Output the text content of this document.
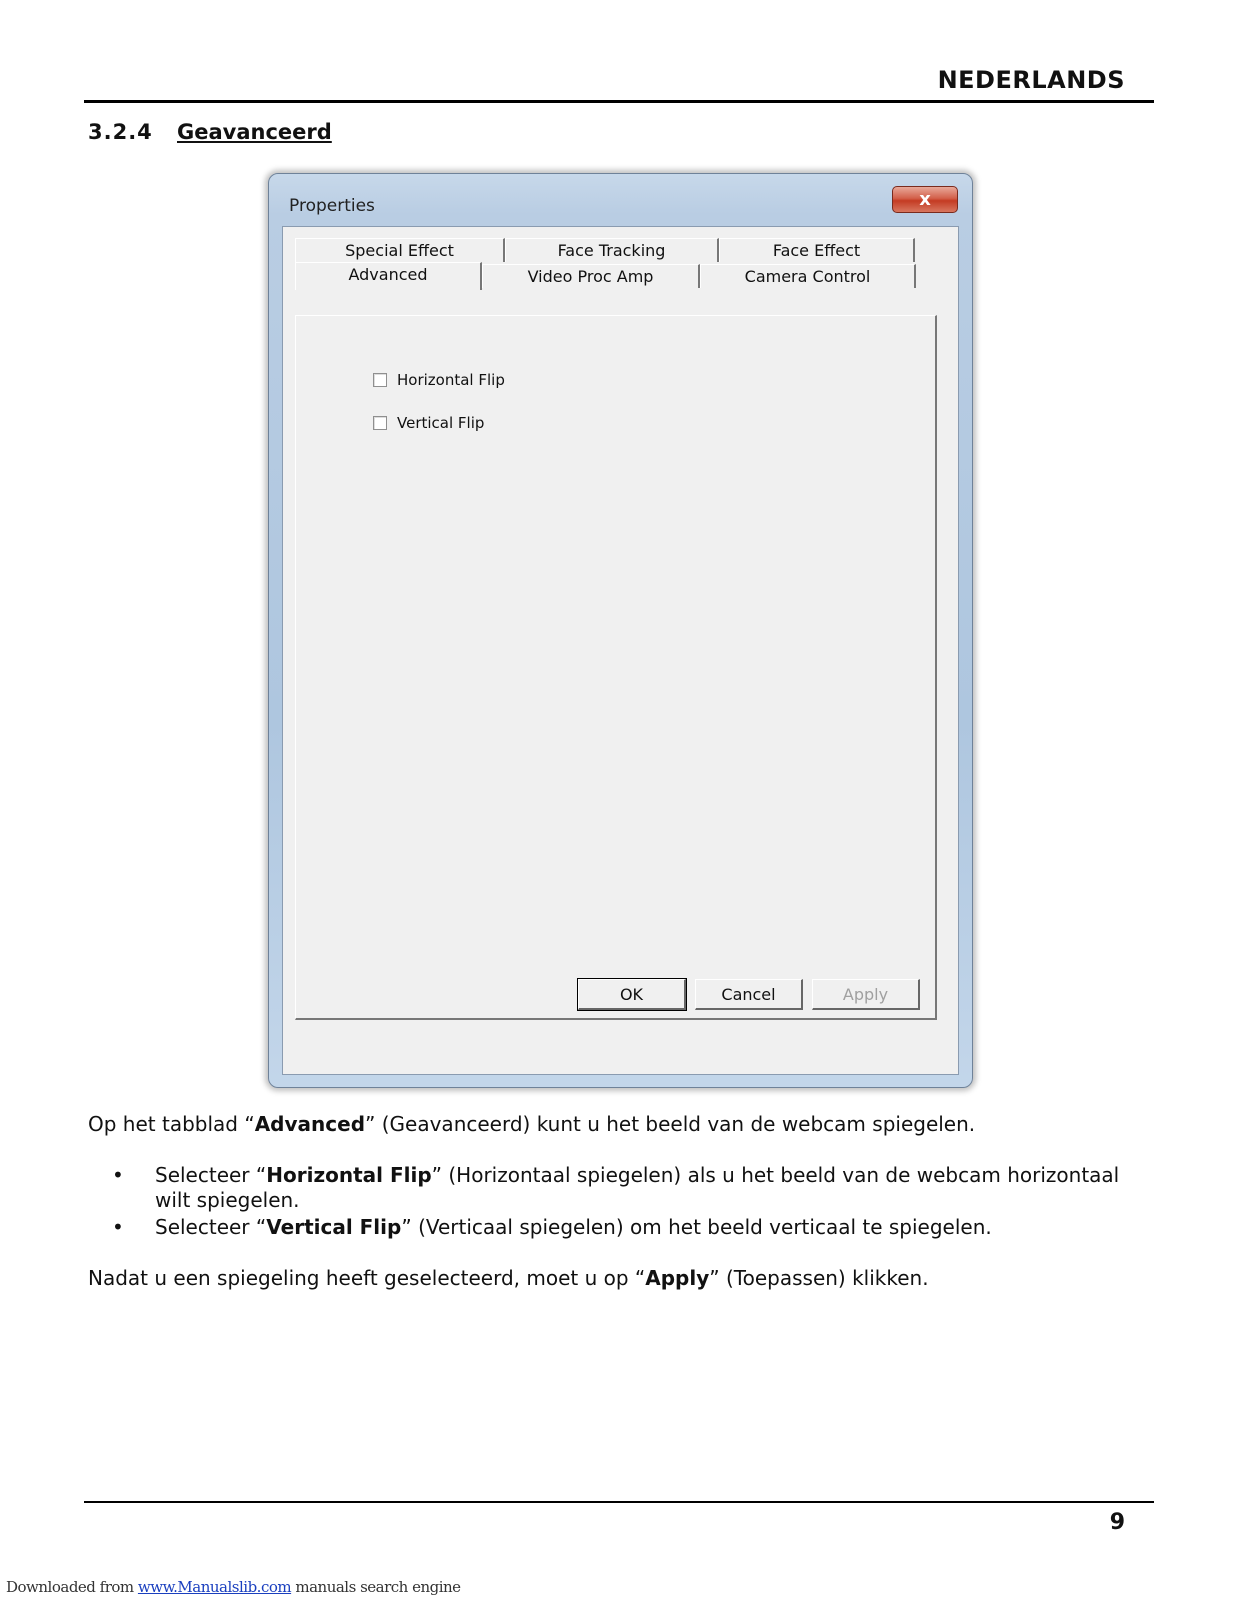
NEDERLANDS
3.2.4 Geavanceerd
Properties	x
Special Effect	Face Tracking	Face Effect
Advanced	Video Proc Amp	Camera Control
Horizontal Flip
Vertical Flip
OK	Cancel	Apply
Op het tabblad “Advanced” (Geavanceerd) kunt u het beeld van de webcam spiegelen.
• Selecteer “Horizontal Flip” (Horizontaal spiegelen) als u het beeld van de webcam horizontaal wilt spiegelen.
• Selecteer “Vertical Flip” (Verticaal spiegelen) om het beeld verticaal te spiegelen.
Nadat u een spiegeling heeft geselecteerd, moet u op “Apply” (Toepassen) klikken.
9
Downloaded from www.Manualslib.com manuals search engine
